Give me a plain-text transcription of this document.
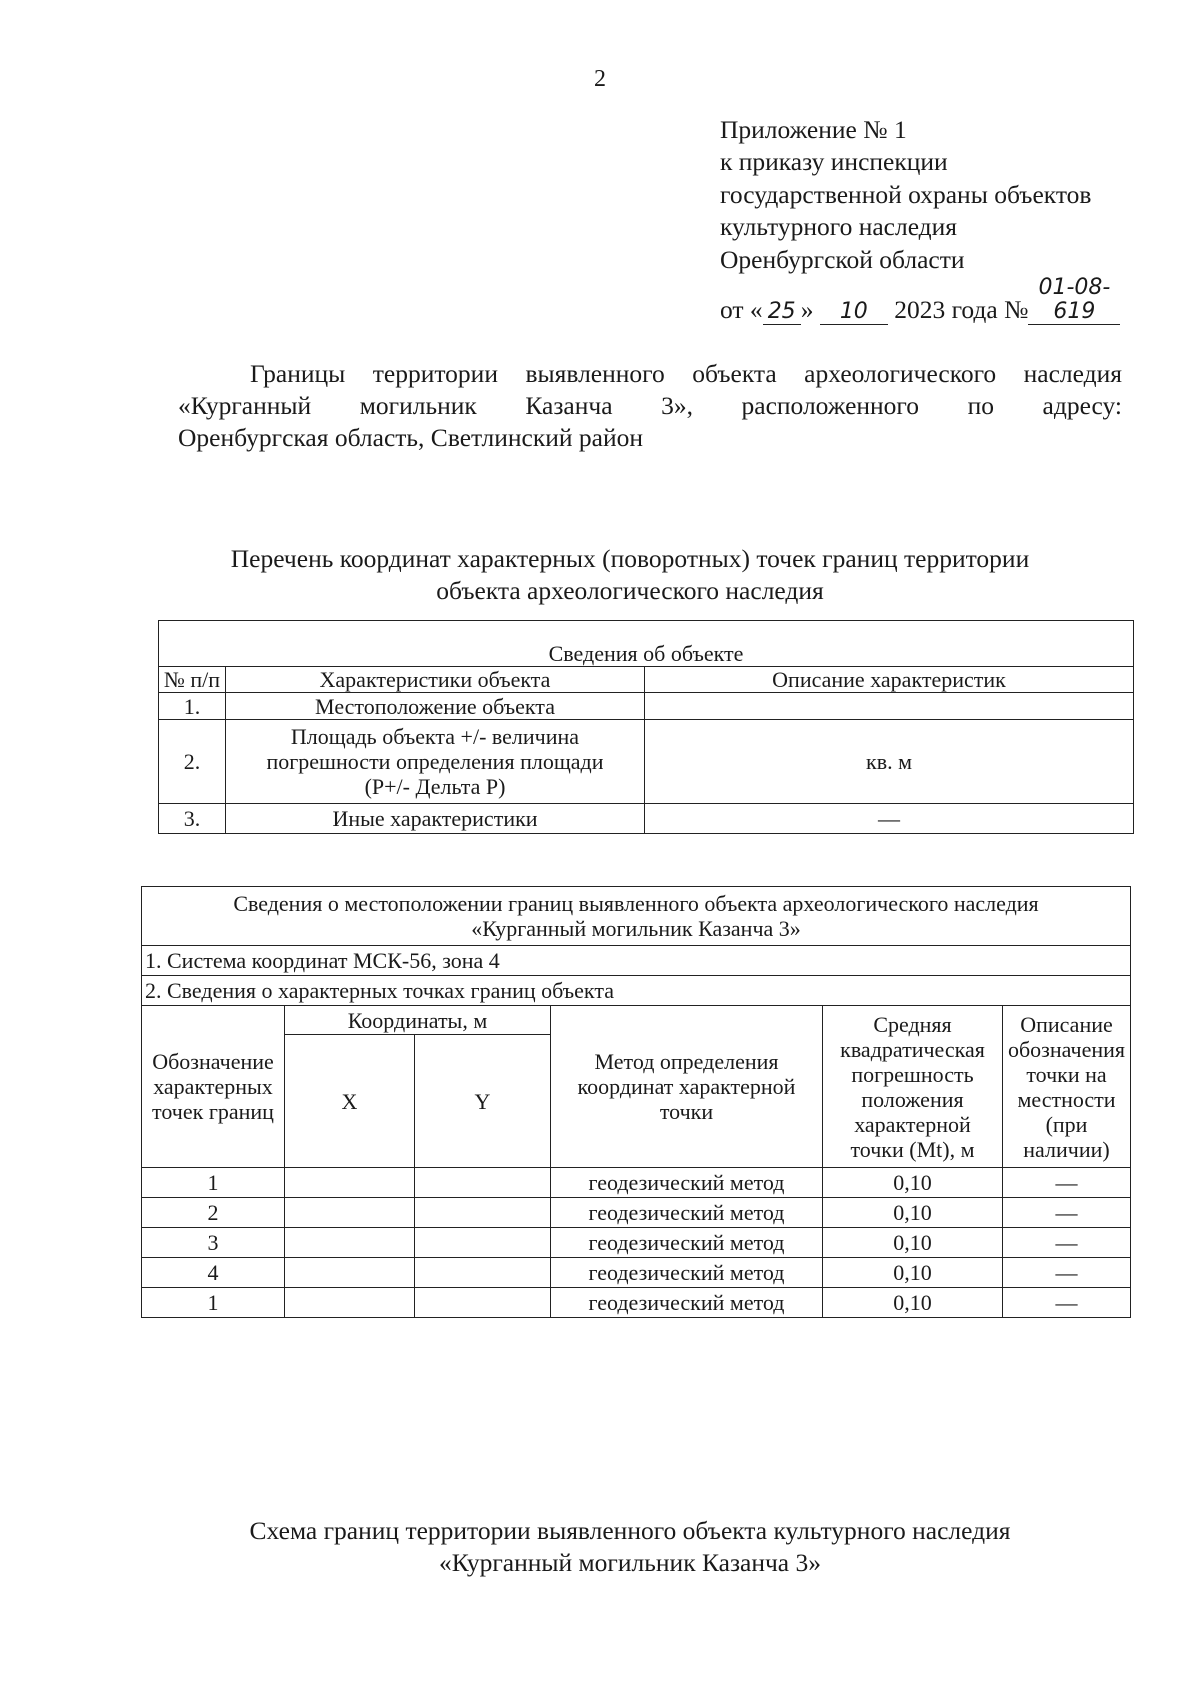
2
Приложение № 1
к приказу инспекции
государственной охраны объектов
культурного наследия
Оренбургской области
от « 25 » 10 2023 года №01-08-619
Границы территории выявленного объекта археологического наследия
«Курганный могильник Казанча 3», расположенного по адресу:
Оренбургская область, Светлинский район
Перечень координат характерных (поворотных) точек границ территории
объекта археологического наследия
Сведения об объекте		
№ п/п	Характеристики объекта	Описание характеристик
1.	Местоположение объекта	
2.	Площадь объекта +/- величина
погрешности определения площади
(P+/- Дельта P)	кв. м
3.	Иные характеристики	—
Сведения о местоположении границ выявленного объекта археологического наследия
«Курганный могильник Казанча 3»					

1. Система координат МСК-56, зона 4					
2. Сведения о характерных точках границ объекта					
Обозначение характерных точек границ	Координаты, м		Метод определения координат характерной точки	Средняя квадратическая погрешность положения характерной точки (Mt), м	Описание обозначения точки на местности (при наличии)
	X	Y			
1			геодезический метод	0,10	—
2			геодезический метод	0,10	—
3			геодезический метод	0,10	—
4			геодезический метод	0,10	—
1			геодезический метод	0,10	—
Схема границ территории выявленного объекта культурного наследия
«Курганный могильник Казанча 3»
